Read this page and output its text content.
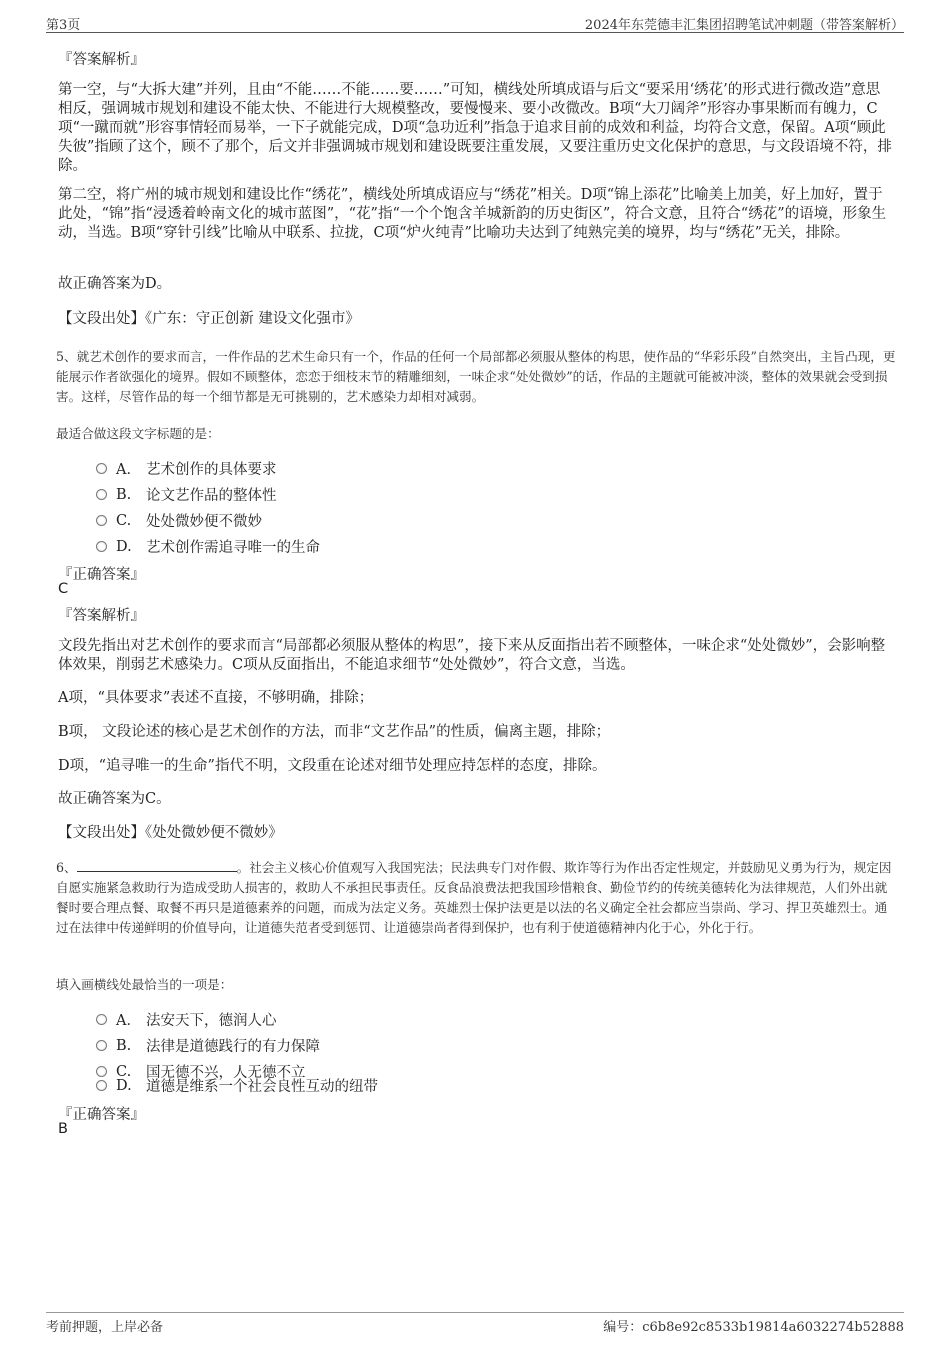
第3页	2024年东莞德丰汇集团招聘笔试冲刺题（带答案解析）
『答案解析』
第一空，与“大拆大建”并列，且由“不能……不能……要……”可知，横线处所填成语与后文“要采用‘绣花’的形式进行微改造”意思相反，强调城市规划和建设不能太快、不能进行大规模整改，要慢慢来、要小改微改。B项“大刀阔斧”形容办事果断而有魄力，C项“一蹴而就”形容事情轻而易举，一下子就能完成，D项“急功近利”指急于追求目前的成效和利益，均符合文意，保留。A项“顾此失彼”指顾了这个，顾不了那个，后文并非强调城市规划和建设既要注重发展，又要注重历史文化保护的意思，与文段语境不符，排除。
第二空，将广州的城市规划和建设比作“绣花”，横线处所填成语应与“绣花”相关。D项“锦上添花”比喻美上加美，好上加好，置于此处，“锦”指“浸透着岭南文化的城市蓝图”，“花”指“一个个饱含羊城新韵的历史街区”，符合文意，且符合“绣花”的语境，形象生动，当选。B项“穿针引线”比喻从中联系、拉拢，C项“炉火纯青”比喻功夫达到了纯熟完美的境界，均与“绣花”无关，排除。
故正确答案为D。
【文段出处】《广东：守正创新 建设文化强市》
5、就艺术创作的要求而言，一件作品的艺术生命只有一个，作品的任何一个局部都必须服从整体的构思，使作品的“华彩乐段”自然突出，主旨凸现，更能展示作者欲强化的境界。假如不顾整体，恋恋于细枝末节的精雕细刻，一味企求“处处微妙”的话，作品的主题就可能被冲淡，整体的效果就会受到损害。这样，尽管作品的每一个细节都是无可挑剔的，艺术感染力却相对减弱。
最适合做这段文字标题的是：
A． 艺术创作的具体要求
B.	论文艺作品的整体性
C.	处处微妙便不微妙
D. 艺术创作需追寻唯一的生命
『正确答案』
C
『答案解析』
文段先指出对艺术创作的要求而言“局部都必须服从整体的构思”，接下来从反面指出若不顾整体，一味企求“处处微妙”，会影响整体效果，削弱艺术感染力。C项从反面指出，不能追求细节“处处微妙”，符合文意，当选。
A项，“具体要求”表述不直接，不够明确，排除；
B项， 文段论述的核心是艺术创作的方法，而非“文艺作品”的性质，偏离主题，排除；
D项，“追寻唯一的生命”指代不明，文段重在论述对细节处理应持怎样的态度，排除。
故正确答案为C。
【文段出处】《处处微妙便不微妙》
6、	。社会主义核心价值观写入我国宪法；民法典专门对作假、欺诈等行为作出否定性规定，并鼓励见义勇为行为，规定因自愿实施紧急救助行为造成受助人损害的，救助人不承担民事责任。反食品浪费法把我国珍惜粮食、勤俭节约的传统美德转化为法律规范，人们外出就餐时要合理点餐、取餐不再只是道德素养的问题，而成为法定义务。英雄烈士保护法更是以法的名义确定全社会都应当崇尚、学习、捍卫英雄烈士。通过在法律中传递鲜明的价值导向，让道德失范者受到惩罚、让道德崇尚者得到保护，也有利于使道德精神内化于心，外化于行。
填入画横线处最恰当的一项是：
A． 法安天下，德润人心
B.	法律是道德践行的有力保障
C.	国无德不兴，人无德不立
D. 道德是维系一个社会良性互动的纽带
『正确答案』
B
考前押题，上岸必备	编号：c6b8e92c8533b19814a6032274b52888
